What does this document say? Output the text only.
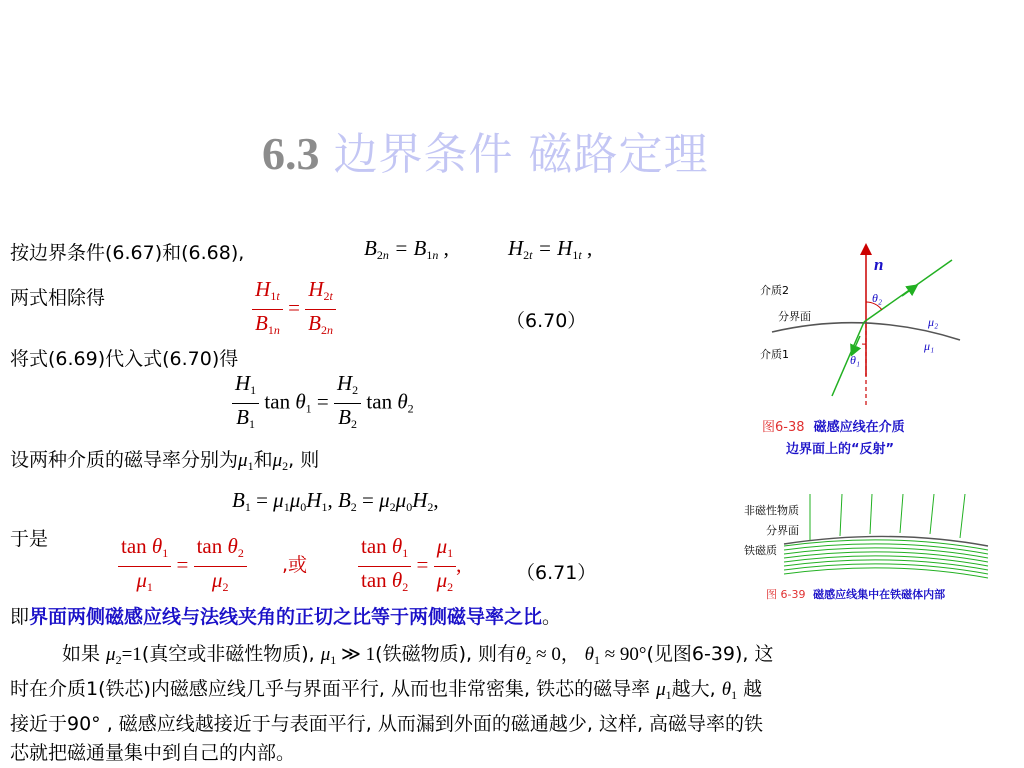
6.3 边界条件 磁路定理
按边界条件(6.67)和(6.68),	$B_{2n} = B_{1n}$ ,	$H_{2t} = H_{1t}$ ,
两式相除得	$\frac{H_{1t}}{B_{1n}} = \frac{H_{2t}}{B_{2n}}$	（6.70）
将式(6.69)代入式(6.70)得
$\frac{H_1}{B_1}$ $\tan \theta_1 = \frac{H_2}{B_2}$ $\tan \theta_2$
设两种介质的磁导率分别为$\mu_1$和$\mu_2$, 则
$B_1 = \mu_1\mu_0H_1$, $B_2 = \mu_2\mu_0H_2$,
于是	$\frac{\tan \theta_1}{\mu_1} = \frac{\tan \theta_2}{\mu_2}$ ,或 $\frac{\tan \theta_1}{\tan \theta_2} = \frac{\mu_1}{\mu_2}$ ,	（6.71）
即界面两侧磁感应线与法线夹角的正切之比等于两侧磁导率之比。
如果 $\mu_2=1$(真空或非磁性物质), $\mu_1$ ≫ 1(铁磁物质), 则有$\theta_2 \approx 0$， $\theta_1 \approx 90^\circ$(见图6-39), 这
时在介质1(铁芯)内磁感应线几乎与界面平行, 从而也非常密集, 铁芯的磁导率 $\mu_1$越大, $\theta_1$ 越
接近于90° , 磁感应线越接近于与表面平行, 从而漏到外面的磁通越少, 这样, 高磁导率的铁
芯就把磁通量集中到自己的内部。
n
介质2
分界面
介质1
θ₂
θ₁
μ₂
μ₁
图6-38 磁感应线在介质
边界面上的“反射”
非磁性物质
分界面
铁磁质
图 6-39 磁感应线集中在铁磁体内部
